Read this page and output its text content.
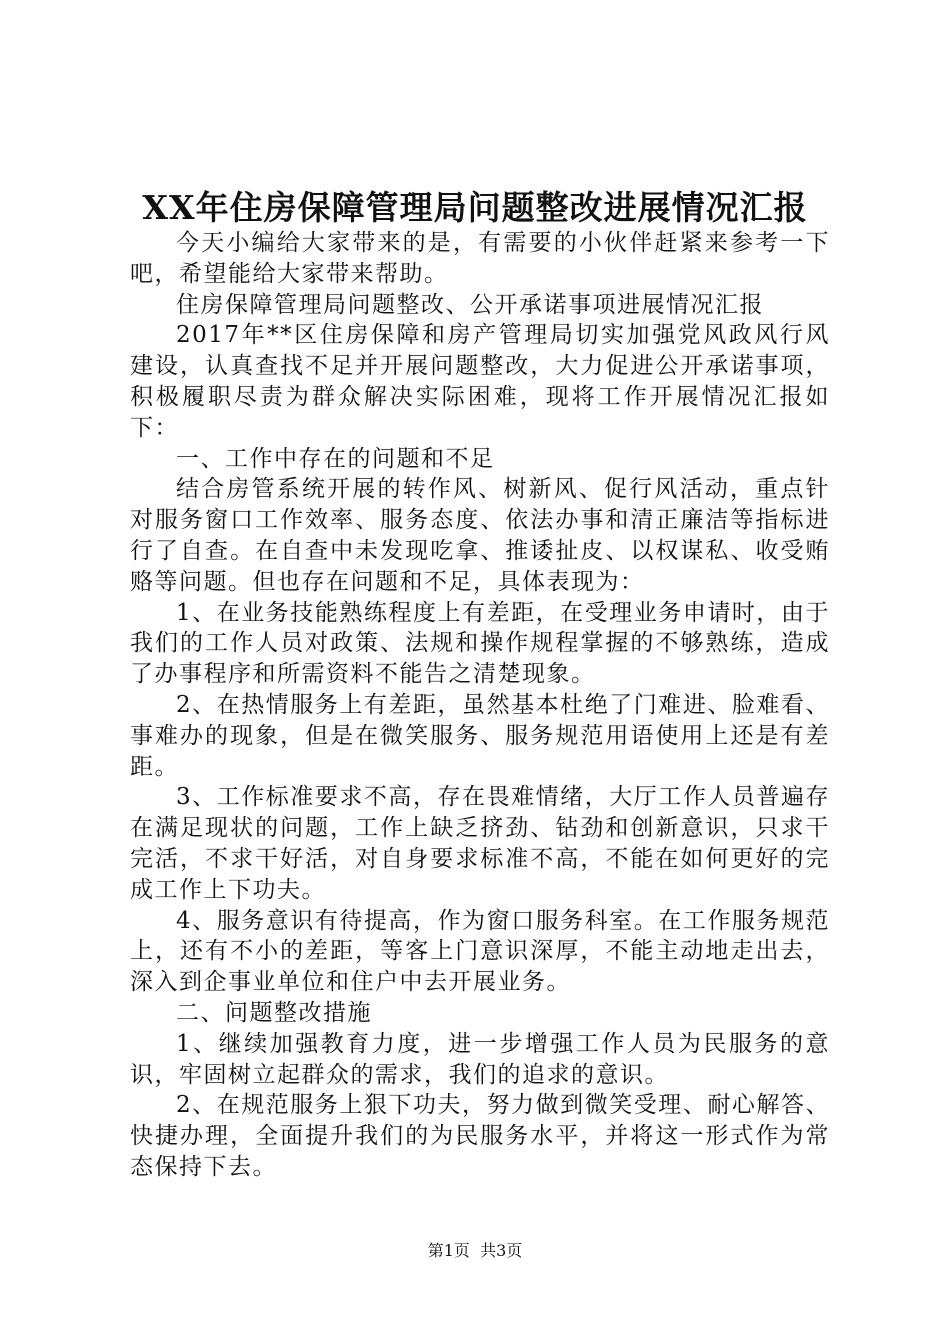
XX年住房保障管理局问题整改进展情况汇报

今天小编给大家带来的是，有需要的小伙伴赶紧来参考一下吧，希望能给大家带来帮助。

住房保障管理局问题整改、公开承诺事项进展情况汇报

2017年**区住房保障和房产管理局切实加强党风政风行风建设，认真查找不足并开展问题整改，大力促进公开承诺事项，积极履职尽责为群众解决实际困难，现将工作开展情况汇报如下：

一、工作中存在的问题和不足

结合房管系统开展的转作风、树新风、促行风活动，重点针对服务窗口工作效率、服务态度、依法办事和清正廉洁等指标进行了自查。在自查中未发现吃拿、推诿扯皮、以权谋私、收受贿赂等问题。但也存在问题和不足，具体表现为：

1、在业务技能熟练程度上有差距，在受理业务申请时，由于我们的工作人员对政策、法规和操作规程掌握的不够熟练，造成了办事程序和所需资料不能告之清楚现象。

2、在热情服务上有差距，虽然基本杜绝了门难进、脸难看、事难办的现象，但是在微笑服务、服务规范用语使用上还是有差距。

3、工作标准要求不高，存在畏难情绪，大厅工作人员普遍存在满足现状的问题，工作上缺乏挤劲、钻劲和创新意识，只求干完活，不求干好活，对自身要求标准不高，不能在如何更好的完成工作上下功夫。

4、服务意识有待提高，作为窗口服务科室。在工作服务规范上，还有不小的差距，等客上门意识深厚，不能主动地走出去，深入到企事业单位和住户中去开展业务。

二、问题整改措施

1、继续加强教育力度，进一步增强工作人员为民服务的意识，牢固树立起群众的需求，我们的追求的意识。

2、在规范服务上狠下功夫，努力做到微笑受理、耐心解答、快捷办理，全面提升我们的为民服务水平，并将这一形式作为常态保持下去。

第1页 共3页
